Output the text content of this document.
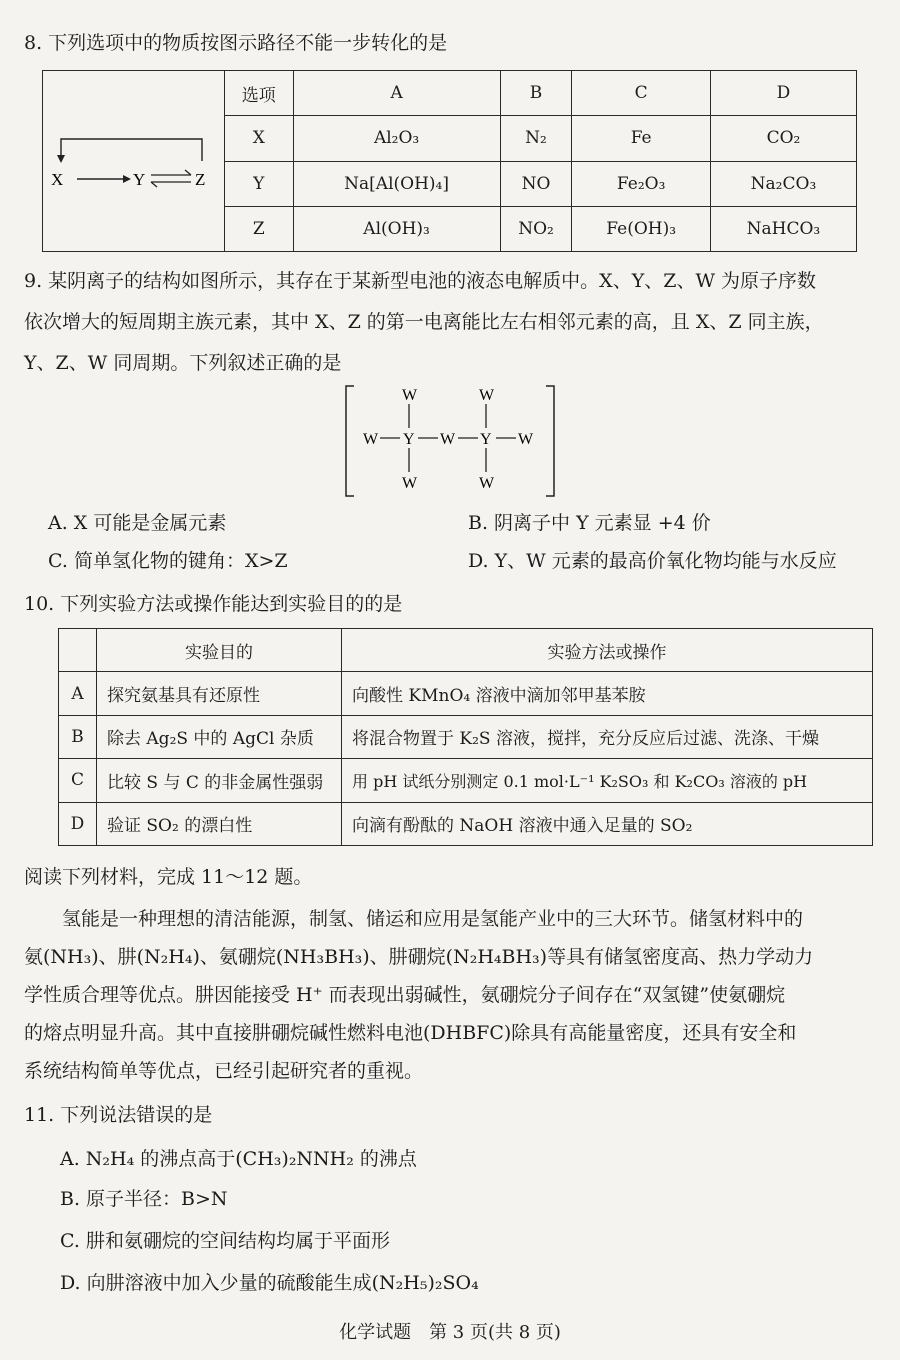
8. 下列选项中的物质按图示路径不能一步转化的是
X Y Z	选项	A	B	C	D
	X	Al₂O₃	N₂	Fe	CO₂
	Y	Na[Al(OH)₄]	NO	Fe₂O₃	Na₂CO₃
	Z	Al(OH)₃	NO₂	Fe(OH)₃	NaHCO₃
9. 某阴离子的结构如图所示，其存在于某新型电池的液态电解质中。X、Y、Z、W 为原子序数
依次增大的短周期主族元素，其中 X、Z 的第一电离能比左右相邻元素的高，且 X、Z 同主族，
Y、Z、W 同周期。下列叙述正确的是
W	W
W Y W Y W
W	W
A. X 可能是金属元素	B. 阴离子中 Y 元素显 +4 价
C. 简单氢化物的键角：X>Z	D. Y、W 元素的最高价氧化物均能与水反应
10. 下列实验方法或操作能达到实验目的的是
	实验目的	实验方法或操作
A	探究氨基具有还原性	向酸性 KMnO₄ 溶液中滴加邻甲基苯胺
B	除去 Ag₂S 中的 AgCl 杂质	将混合物置于 K₂S 溶液，搅拌，充分反应后过滤、洗涤、干燥
C	比较 S 与 C 的非金属性强弱	用 pH 试纸分别测定 0.1 mol·L⁻¹ K₂SO₃ 和 K₂CO₃ 溶液的 pH
D	验证 SO₂ 的漂白性	向滴有酚酞的 NaOH 溶液中通入足量的 SO₂
阅读下列材料，完成 11～12 题。
氢能是一种理想的清洁能源，制氢、储运和应用是氢能产业中的三大环节。储氢材料中的
氨(NH₃)、肼(N₂H₄)、氨硼烷(NH₃BH₃)、肼硼烷(N₂H₄BH₃)等具有储氢密度高、热力学动力
学性质合理等优点。肼因能接受 H⁺ 而表现出弱碱性，氨硼烷分子间存在“双氢键”使氨硼烷
的熔点明显升高。其中直接肼硼烷碱性燃料电池(DHBFC)除具有高能量密度，还具有安全和
系统结构简单等优点，已经引起研究者的重视。
11. 下列说法错误的是
A. N₂H₄ 的沸点高于(CH₃)₂NNH₂ 的沸点
B. 原子半径：B>N
C. 肼和氨硼烷的空间结构均属于平面形
D. 向肼溶液中加入少量的硫酸能生成(N₂H₅)₂SO₄
化学试题　第 3 页(共 8 页)
